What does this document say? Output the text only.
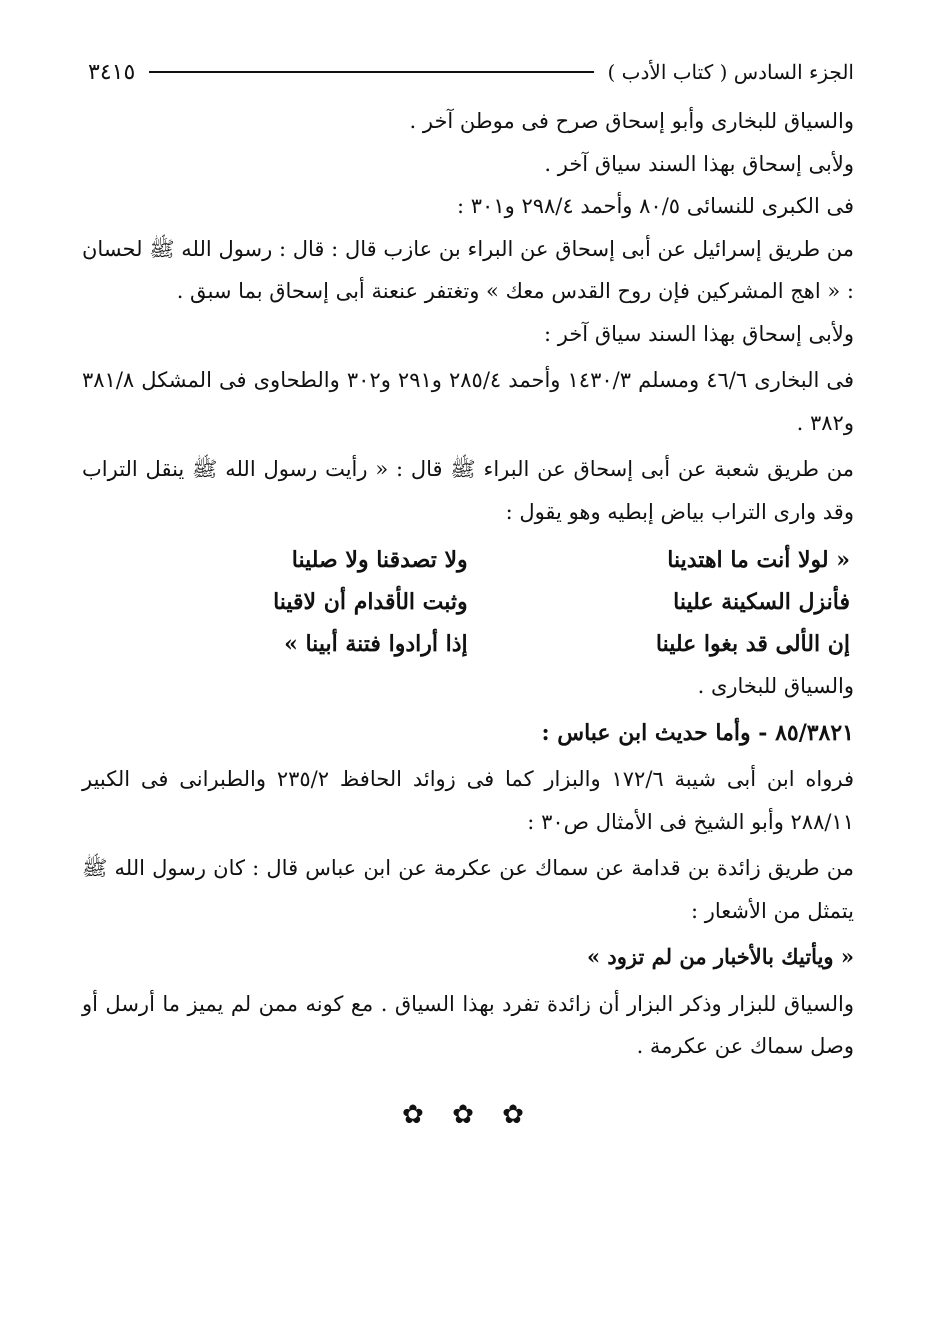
الجزء السادس ( كتاب الأدب )
٣٤١٥

والسياق للبخارى وأبو إسحاق صرح فى موطن آخر .

ولأبى إسحاق بهذا السند سياق آخر .

فى الكبرى للنسائى ٨٠/٥ وأحمد ٢٩٨/٤ و٣٠١ :

من طريق إسرائيل عن أبى إسحاق عن البراء بن عازب قال : قال : رسول الله ﷺ لحسان : « اهج المشركين فإن روح القدس معك » وتغتفر عنعنة أبى إسحاق بما سبق .

ولأبى إسحاق بهذا السند سياق آخر :

فى البخارى ٤٦/٦ ومسلم ١٤٣٠/٣ وأحمد ٢٨٥/٤ و٢٩١ و٣٠٢ والطحاوى فى المشكل ٣٨١/٨ و٣٨٢ .

من طريق شعبة عن أبى إسحاق عن البراء ﷺ قال : « رأيت رسول الله ﷺ ينقل التراب وقد وارى التراب بياض إبطيه وهو يقول :

« لولا أنت ما اهتدينا
ولا تصدقنا ولا صلينا
فأنزل السكينة علينا
وثبت الأقدام أن لاقينا
إن الألى قد بغوا علينا
إذا أرادوا فتنة أبينا »

والسياق للبخارى .

٨٥/٣٨٢١ - وأما حديث ابن عباس :

فرواه ابن أبى شيبة ١٧٢/٦ والبزار كما فى زوائد الحافظ ٢٣٥/٢ والطبرانى فى الكبير ٢٨٨/١١ وأبو الشيخ فى الأمثال ص٣٠ :

من طريق زائدة بن قدامة عن سماك عن عكرمة عن ابن عباس قال : كان رسول الله ﷺ يتمثل من الأشعار :

« ويأتيك بالأخبار من لم تزود »

والسياق للبزار وذكر البزار أن زائدة تفرد بهذا السياق . مع كونه ممن لم يميز ما أرسل أو وصل سماك عن عكرمة .

✿ ✿ ✿
